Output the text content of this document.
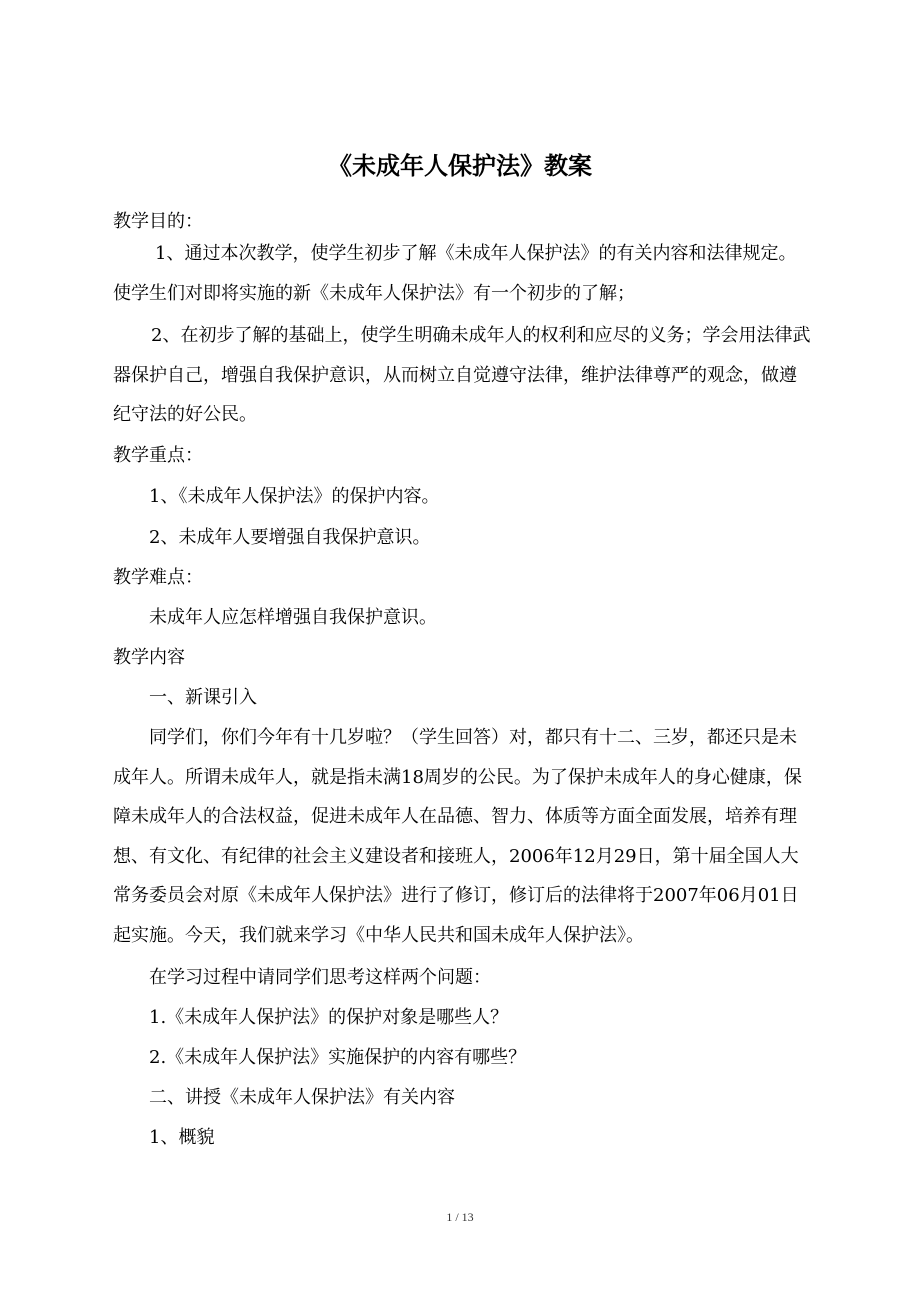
《未成年人保护法》教案

教学目的：

1、通过本次教学，使学生初步了解《未成年人保护法》的有关内容和法律规定。使学生们对即将实施的新《未成年人保护法》有一个初步的了解；

2、在初步了解的基础上，使学生明确未成年人的权利和应尽的义务；学会用法律武器保护自己，增强自我保护意识，从而树立自觉遵守法律，维护法律尊严的观念，做遵纪守法的好公民。

教学重点：

1、《未成年人保护法》的保护内容。

2、未成年人要增强自我保护意识。

教学难点：

未成年人应怎样增强自我保护意识。

教学内容

一、新课引入

同学们，你们今年有十几岁啦？（学生回答）对，都只有十二、三岁，都还只是未成年人。所谓未成年人，就是指未满18周岁的公民。为了保护未成年人的身心健康，保障未成年人的合法权益，促进未成年人在品德、智力、体质等方面全面发展，培养有理想、有文化、有纪律的社会主义建设者和接班人，2006年12月29日，第十届全国人大常务委员会对原《未成年人保护法》进行了修订，修订后的法律将于2007年06月01日起实施。今天，我们就来学习《中华人民共和国未成年人保护法》。

在学习过程中请同学们思考这样两个问题：

1.《未成年人保护法》的保护对象是哪些人？

2.《未成年人保护法》实施保护的内容有哪些？

二、讲授《未成年人保护法》有关内容

1、概貌

1 / 13
